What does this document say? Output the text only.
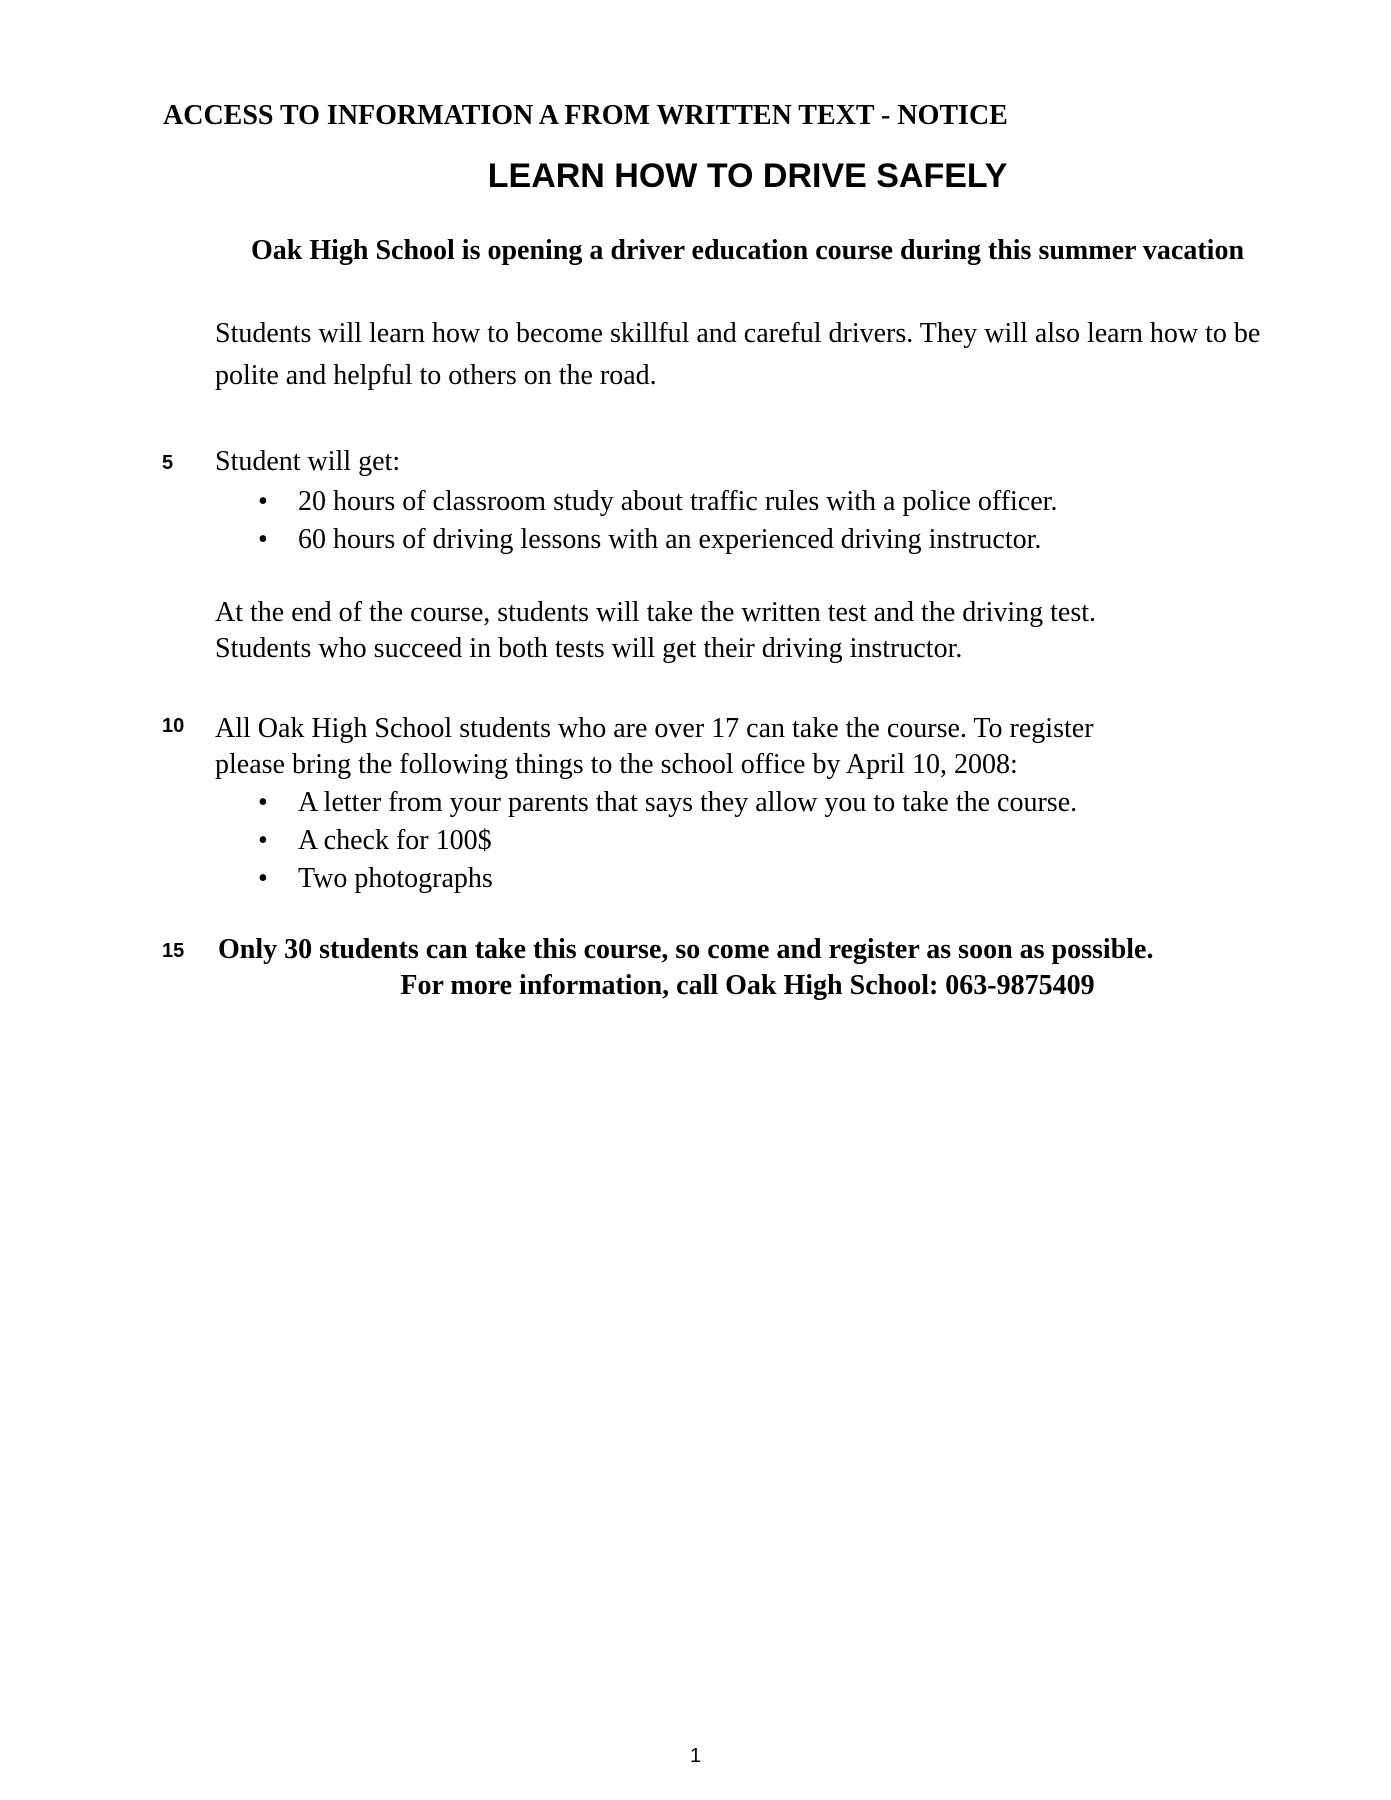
ACCESS TO INFORMATION A FROM WRITTEN TEXT - NOTICE
LEARN HOW TO DRIVE SAFELY
Oak High School is opening a driver education course during this summer vacation
Students will learn how to become skillful and careful drivers. They will also learn how to be polite and helpful to others on the road.
5 Student will get:
• 20 hours of classroom study about traffic rules with a police officer.
• 60 hours of driving lessons with an experienced driving instructor.
At the end of the course, students will take the written test and the driving test.
Students who succeed in both tests will get their driving instructor.
10 All Oak High School students who are over 17 can take the course. To register
please bring the following things to the school office by April 10, 2008:
• A letter from your parents that says they allow you to take the course.
• A check for 100$
• Two photographs
15 Only 30 students can take this course, so come and register as soon as possible.
For more information, call Oak High School: 063-9875409
1
